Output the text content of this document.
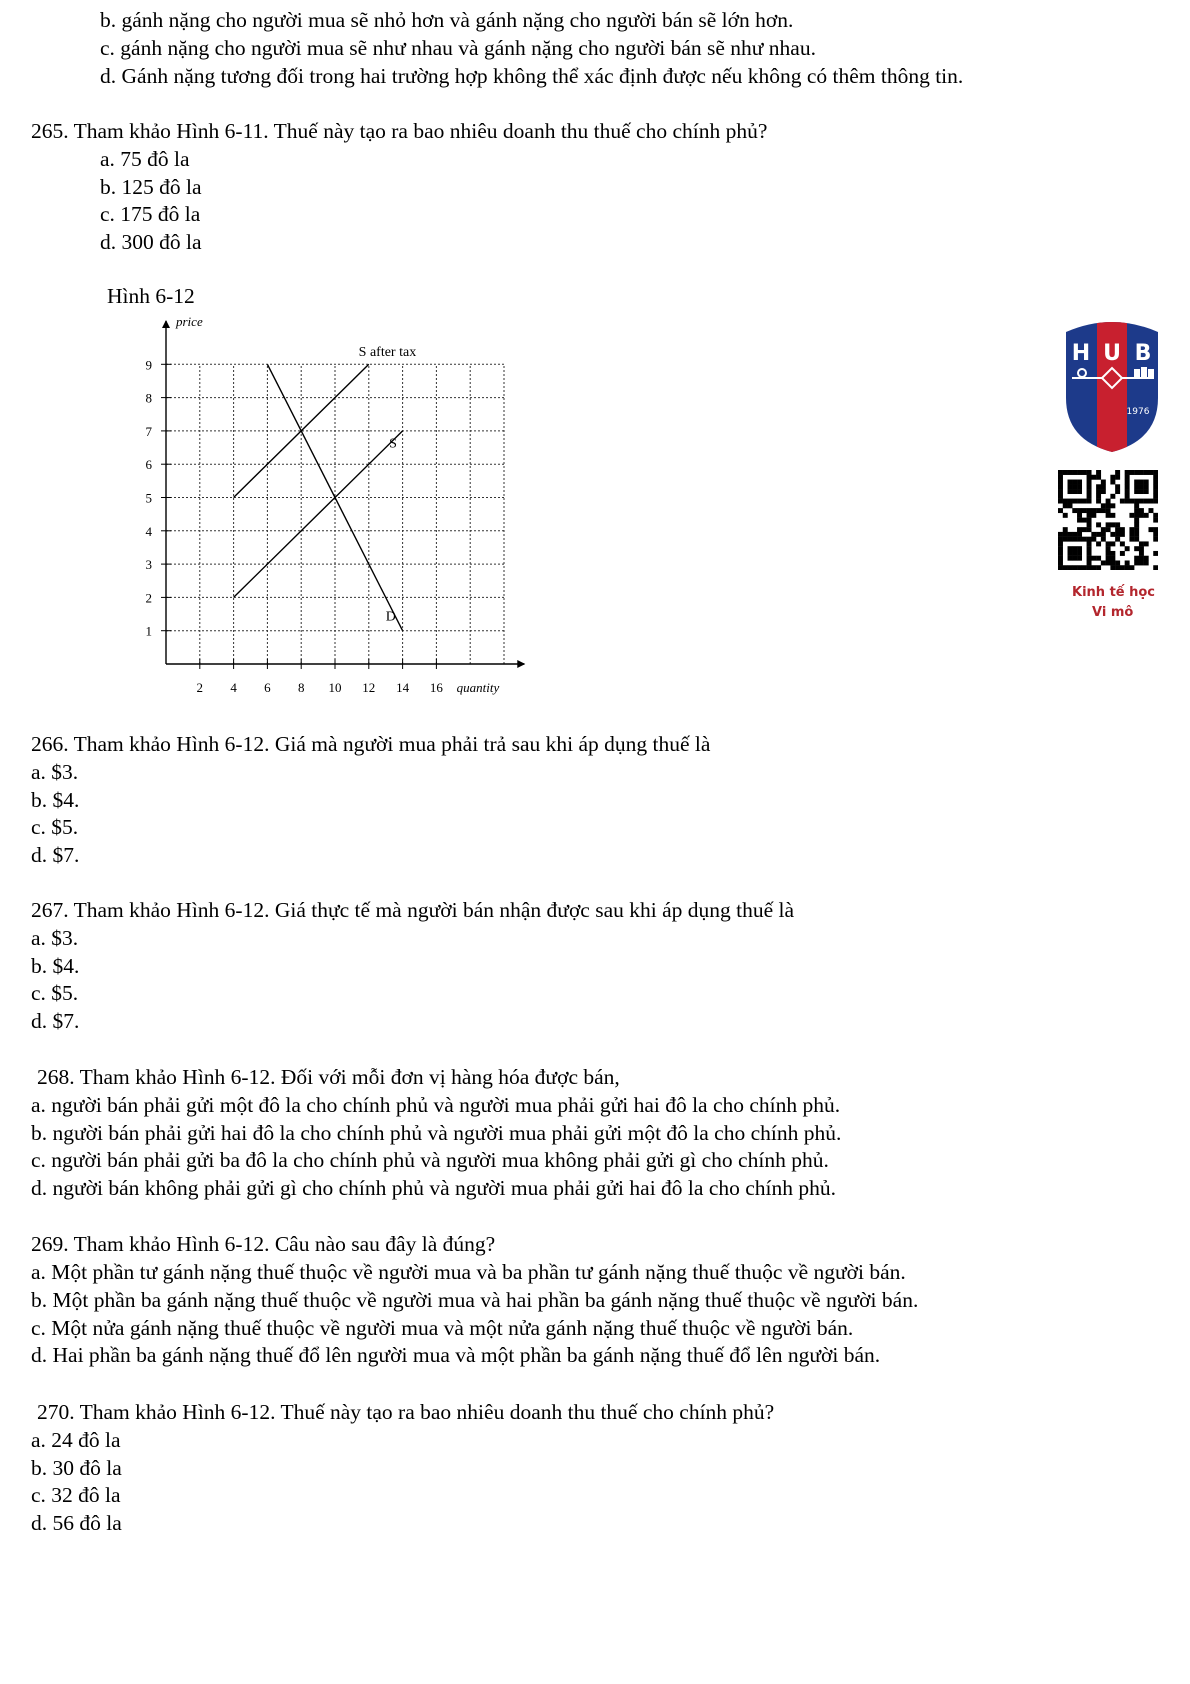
b. gánh nặng cho người mua sẽ nhỏ hơn và gánh nặng cho người bán sẽ lớn hơn.
c. gánh nặng cho người mua sẽ như nhau và gánh nặng cho người bán sẽ như nhau.
d. Gánh nặng tương đối trong hai trường hợp không thể xác định được nếu không có thêm thông tin.
265. Tham khảo Hình 6-11. Thuế này tạo ra bao nhiêu doanh thu thuế cho chính phủ?
a. 75 đô la
b. 125 đô la
c. 175 đô la
d. 300 đô la
Hình 6-12
1
2
3
4
5
6
7
8
9
2 4 6 8 10 12 14 16
price
quantity
S after tax
S
D
H U B
1976
Kinh tế học
Vi mô
266. Tham khảo Hình 6-12. Giá mà người mua phải trả sau khi áp dụng thuế là
a. $3.
b. $4.
c. $5.
d. $7.
267. Tham khảo Hình 6-12. Giá thực tế mà người bán nhận được sau khi áp dụng thuế là
a. $3.
b. $4.
c. $5.
d. $7.
268. Tham khảo Hình 6-12. Đối với mỗi đơn vị hàng hóa được bán,
a. người bán phải gửi một đô la cho chính phủ và người mua phải gửi hai đô la cho chính phủ.
b. người bán phải gửi hai đô la cho chính phủ và người mua phải gửi một đô la cho chính phủ.
c. người bán phải gửi ba đô la cho chính phủ và người mua không phải gửi gì cho chính phủ.
d. người bán không phải gửi gì cho chính phủ và người mua phải gửi hai đô la cho chính phủ.
269. Tham khảo Hình 6-12. Câu nào sau đây là đúng?
a. Một phần tư gánh nặng thuế thuộc về người mua và ba phần tư gánh nặng thuế thuộc về người bán.
b. Một phần ba gánh nặng thuế thuộc về người mua và hai phần ba gánh nặng thuế thuộc về người bán.
c. Một nửa gánh nặng thuế thuộc về người mua và một nửa gánh nặng thuế thuộc về người bán.
d. Hai phần ba gánh nặng thuế đổ lên người mua và một phần ba gánh nặng thuế đổ lên người bán.
270. Tham khảo Hình 6-12. Thuế này tạo ra bao nhiêu doanh thu thuế cho chính phủ?
a. 24 đô la
b. 30 đô la
c. 32 đô la
d. 56 đô la
